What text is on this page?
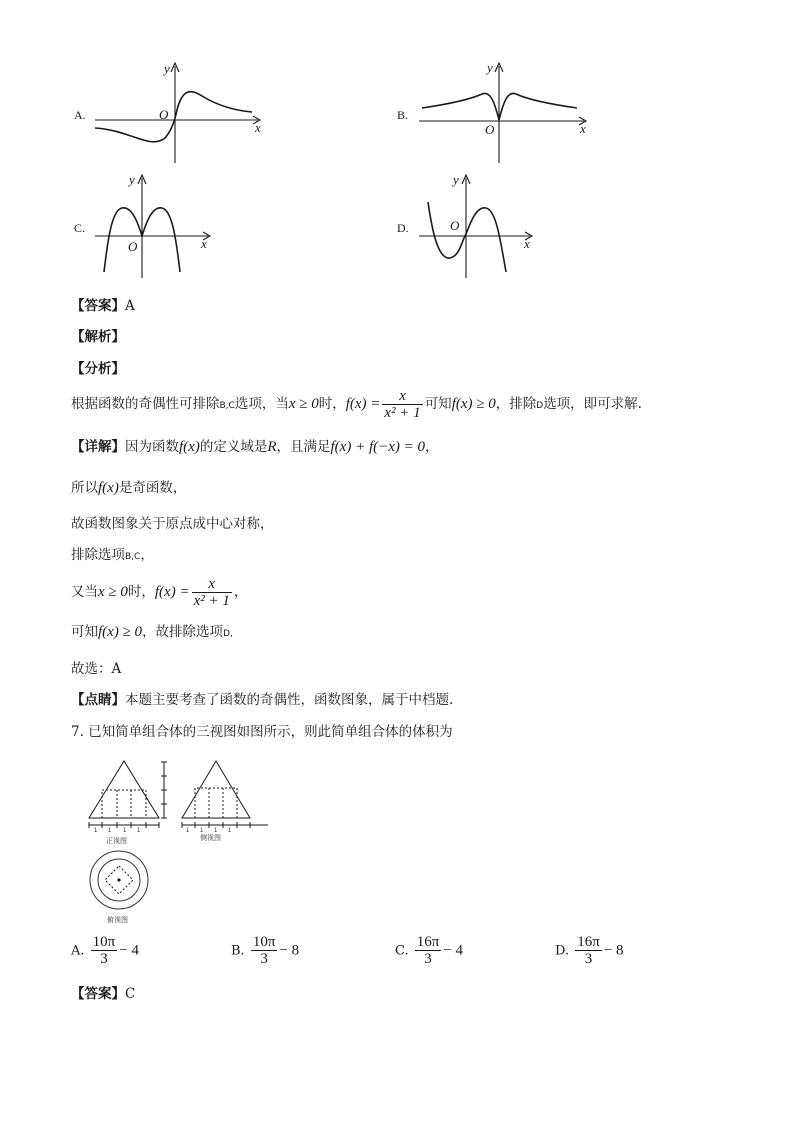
A.
y
x
O	B.
y
x
O
C.
y
x
O
D.
y
x
O
【答案】A
【解析】
【分析】
根据函数的奇偶性可排除B,C选项，当x ≥ 0时，$f(x) = \frac{x}{\text{x² + 1}}$ 可知f(x) ≥ 0，排除D选项，即可求解.
【详解】因为函数f(x)的定义域是R，且满足f(x) + f(−x) = 0，
所以f(x)是奇函数，
故函数图象关于原点成中心对称，
排除选项B,C，
又当x ≥ 0时，$f(x) = \frac{x}{\text{x² + 1}}$ ，
可知f(x) ≥ 0，故排除选项D,
故选：A
【点睛】本题主要考查了函数的奇偶性，函数图象，属于中档题.
7. 已知简单组合体的三视图如图所示，则此简单组合体的体积为
1 1 1 1
正视图
1 1 1 1
侧视图
俯视图
A. $\frac{10\pi}{3} - 4$	B. $\frac{10\pi}{3} - 8$	C. $\frac{16\pi}{3} - 4$	D. $\frac{16\pi}{3} - 8$
【答案】C
